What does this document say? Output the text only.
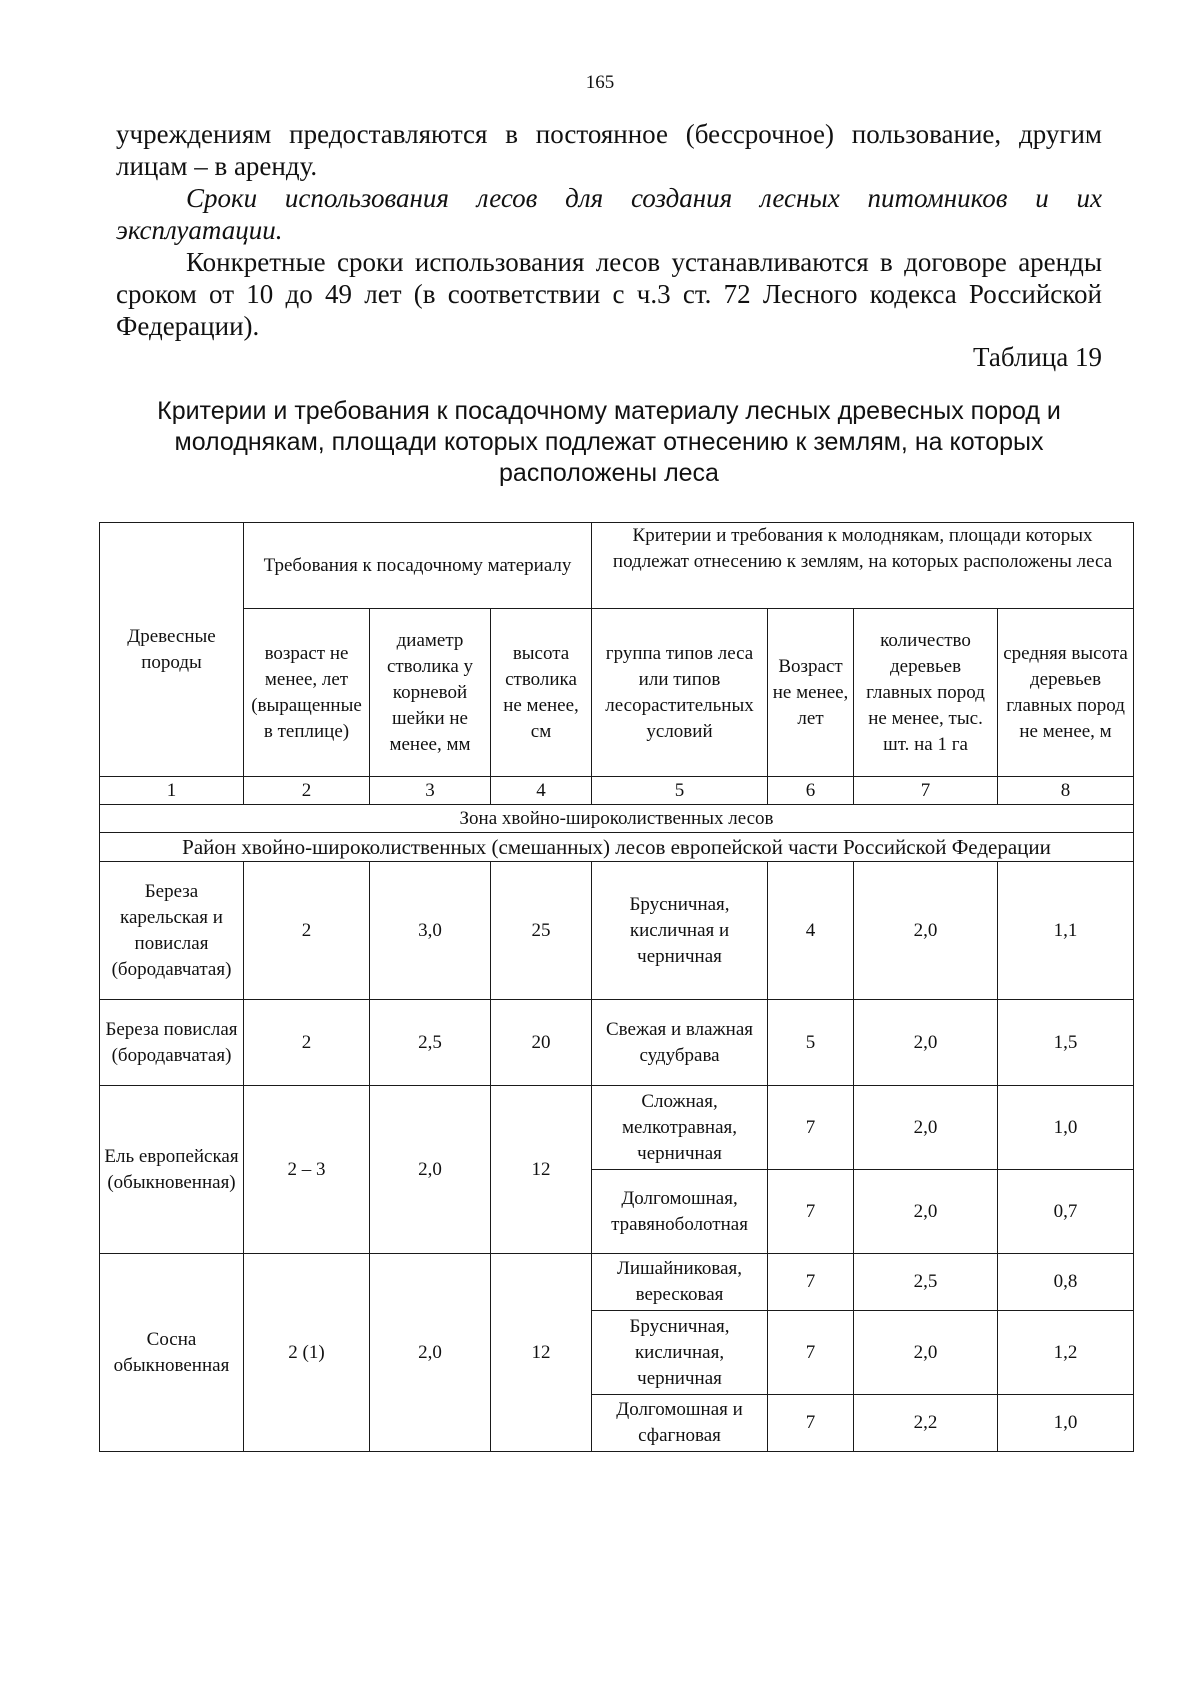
165

учреждениям предоставляются в постоянное (бессрочное) пользование, другим лицам – в аренду.

Сроки использования лесов для создания лесных питомников и их эксплуатации.

Конкретные сроки использования лесов устанавливаются в договоре аренды сроком от 10 до 49 лет (в соответствии с ч.3 ст. 72 Лесного кодекса Российской Федерации).

Таблица 19
Критерии и требования к посадочному материалу лесных древесных пород и молоднякам, площади которых подлежат отнесению к землям, на которых расположены леса
Древесные породы	Требования к посадочному материалу			Критерии и требования к молоднякам, площади которых подлежат отнесению к землям, на которых расположены леса			
	возраст не менее, лет (выращенные в теплице)	диаметр стволика у корневой шейки не менее, мм	высота стволика не менее, см	группа типов леса или типов лесорастительных условий	Возраст не менее, лет	количество деревьев главных пород не менее, тыс. шт. на 1 га	средняя высота деревьев главных пород не менее, м
1	2	3	4	5	6	7	8
Зона хвойно-широколиственных лесов							
Район хвойно-широколиственных (смешанных) лесов европейской части Российской Федерации							
Береза карельская и повислая (бородавчатая)	2	3,0	25	Брусничная, кисличная и черничная	4	2,0	1,1
Береза повислая (бородавчатая)	2	2,5	20	Свежая и влажная судубрава	5	2,0	1,5
Ель европейская (обыкновенная)	2 – 3	2,0	12	Сложная, мелкотравная, черничная	7	2,0	1,0
				Долгомошная, травяноболотная	7	2,0	0,7
Сосна обыкновенная	2 (1)	2,0	12	Лишайниковая, вересковая	7	2,5	0,8
				Брусничная, кисличная, черничная	7	2,0	1,2
				Долгомошная и сфагновая	7	2,2	1,0
